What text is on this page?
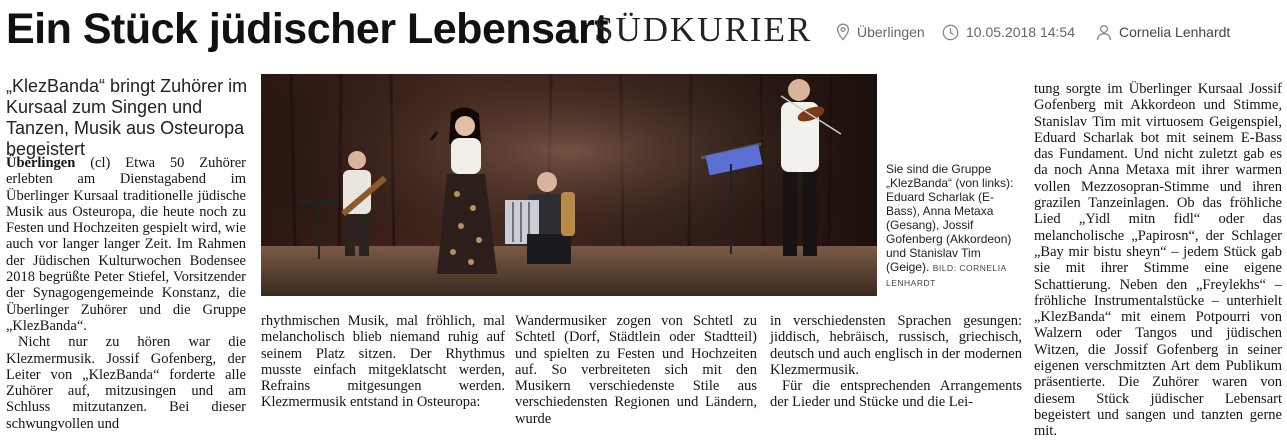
Ein Stück jüdischer Lebensart
SÜDKURIER	Überlingen	10.05.2018 14:54	Cornelia Lenhardt
„KlezBanda“ bringt Zuhörer im Kursaal zum Singen und Tanzen, Musik aus Osteuropa begeistert

Überlingen (cl) Etwa 50 Zuhörer erlebten am Dienstagabend im Überlinger Kursaal traditionelle jüdische Musik aus Osteuropa, die heute noch zu Festen und Hochzeiten gespielt wird, wie auch vor langer langer Zeit. Im Rahmen der Jüdischen Kulturwochen Bodensee 2018 begrüßte Peter Stiefel, Vorsitzender der Synagogengemeinde Konstanz, die Überlinger Zuhörer und die Gruppe „KlezBanda“.

Nicht nur zu hören war die Klezmermusik. Jossif Gofenberg, der Leiter von „KlezBanda“ forderte alle Zuhörer auf, mitzusingen und am Schluss mitzutanzen. Bei dieser schwungvollen und

Sie sind die Gruppe „KlezBanda“ (von links): Eduard Scharlak (E-Bass), Anna Metaxa (Gesang), Jossif Gofenberg (Akkordeon) und Stanislav Tim (Geige). BILD: CORNELIA LENHARDT

rhythmischen Musik, mal fröhlich, mal melancholisch blieb niemand ruhig auf seinem Platz sitzen. Der Rhythmus musste einfach mitgeklatscht werden, Refrains mitgesungen werden. Klezmermusik entstand in Osteuropa:

Wandermusiker zogen von Schtetl zu Schtetl (Dorf, Städtlein oder Stadtteil) und spielten zu Festen und Hochzeiten auf. So verbreiteten sich mit den Musikern verschiedenste Stile aus verschiedensten Regionen und Ländern, wurde

in verschiedensten Sprachen gesungen: jiddisch, hebräisch, russisch, griechisch, deutsch und auch englisch in der modernen Klezmermusik.

Für die entsprechenden Arrangements der Lieder und Stücke und die Lei-

tung sorgte im Überlinger Kursaal Jossif Gofenberg mit Akkordeon und Stimme, Stanislav Tim mit virtuosem Geigenspiel, Eduard Scharlak bot mit seinem E-Bass das Fundament. Und nicht zuletzt gab es da noch Anna Metaxa mit ihrer warmen vollen Mezzosopran-Stimme und ihren grazilen Tanzeinlagen. Ob das fröhliche Lied „Yidl mitn fidl“ oder das melancholische „Papirosn“, der Schlager „Bay mir bistu sheyn“ – jedem Stück gab sie mit ihrer Stimme eine eigene Schattierung. Neben den „Freylekhs“ – fröhliche Instrumentalstücke – unterhielt „KlezBanda“ mit einem Potpourri von Walzern oder Tangos und jüdischen Witzen, die Jossif Gofenberg in seiner eigenen verschmitzten Art dem Publikum präsentierte. Die Zuhörer waren von diesem Stück jüdischer Lebensart begeistert und sangen und tanzten gerne mit.
